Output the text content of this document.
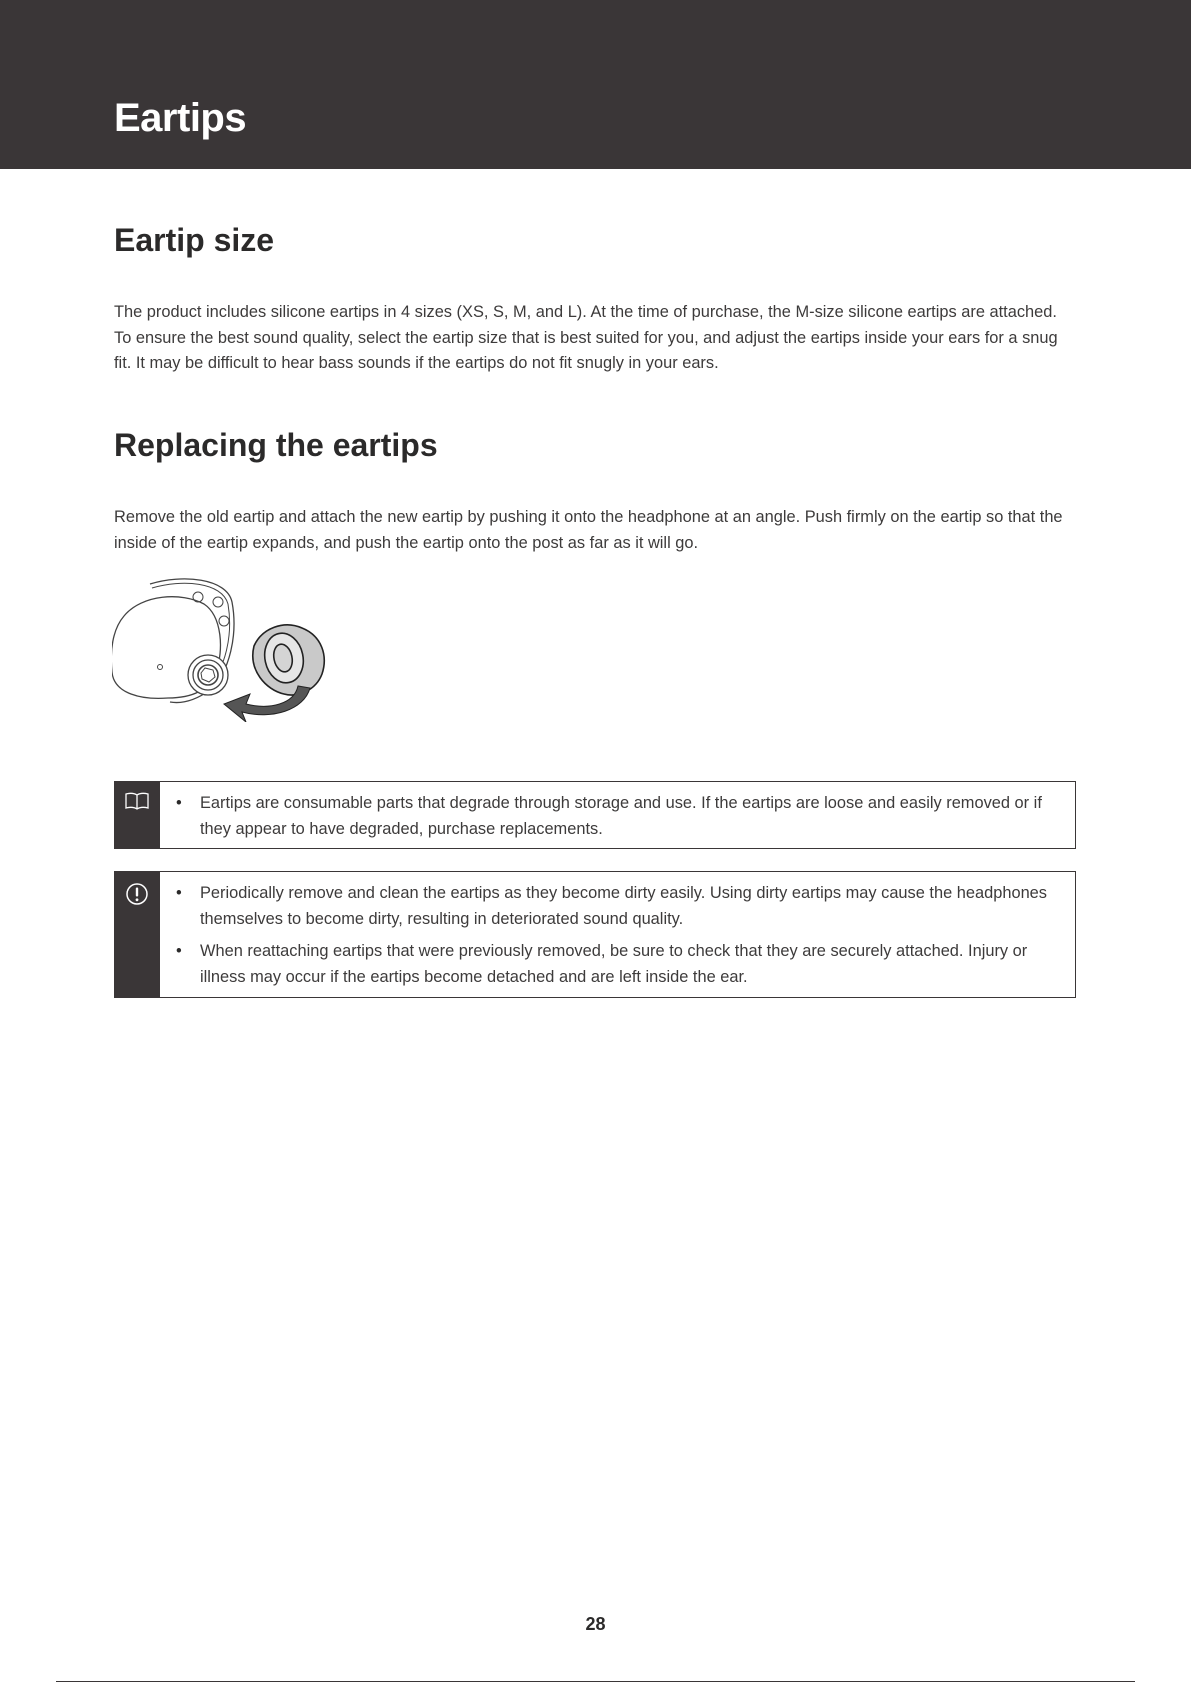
Eartips
Eartip size

The product includes silicone eartips in 4 sizes (XS, S, M, and L). At the time of purchase, the M-size silicone eartips are attached. To ensure the best sound quality, select the eartip size that is best suited for you, and adjust the eartips inside your ears for a snug fit. It may be difficult to hear bass sounds if the eartips do not fit snugly in your ears.

Replacing the eartips

Remove the old eartip and attach the new eartip by pushing it onto the headphone at an angle. Push firmly on the eartip so that the inside of the eartip expands, and push the eartip onto the post as far as it will go.

• Eartips are consumable parts that degrade through storage and use. If the eartips are loose and easily removed or if they appear to have degraded, purchase replacements.
• Periodically remove and clean the eartips as they become dirty easily. Using dirty eartips may cause the headphones themselves to become dirty, resulting in deteriorated sound quality.
• When reattaching eartips that were previously removed, be sure to check that they are securely attached. Injury or illness may occur if the eartips become detached and are left inside the ear.
28
